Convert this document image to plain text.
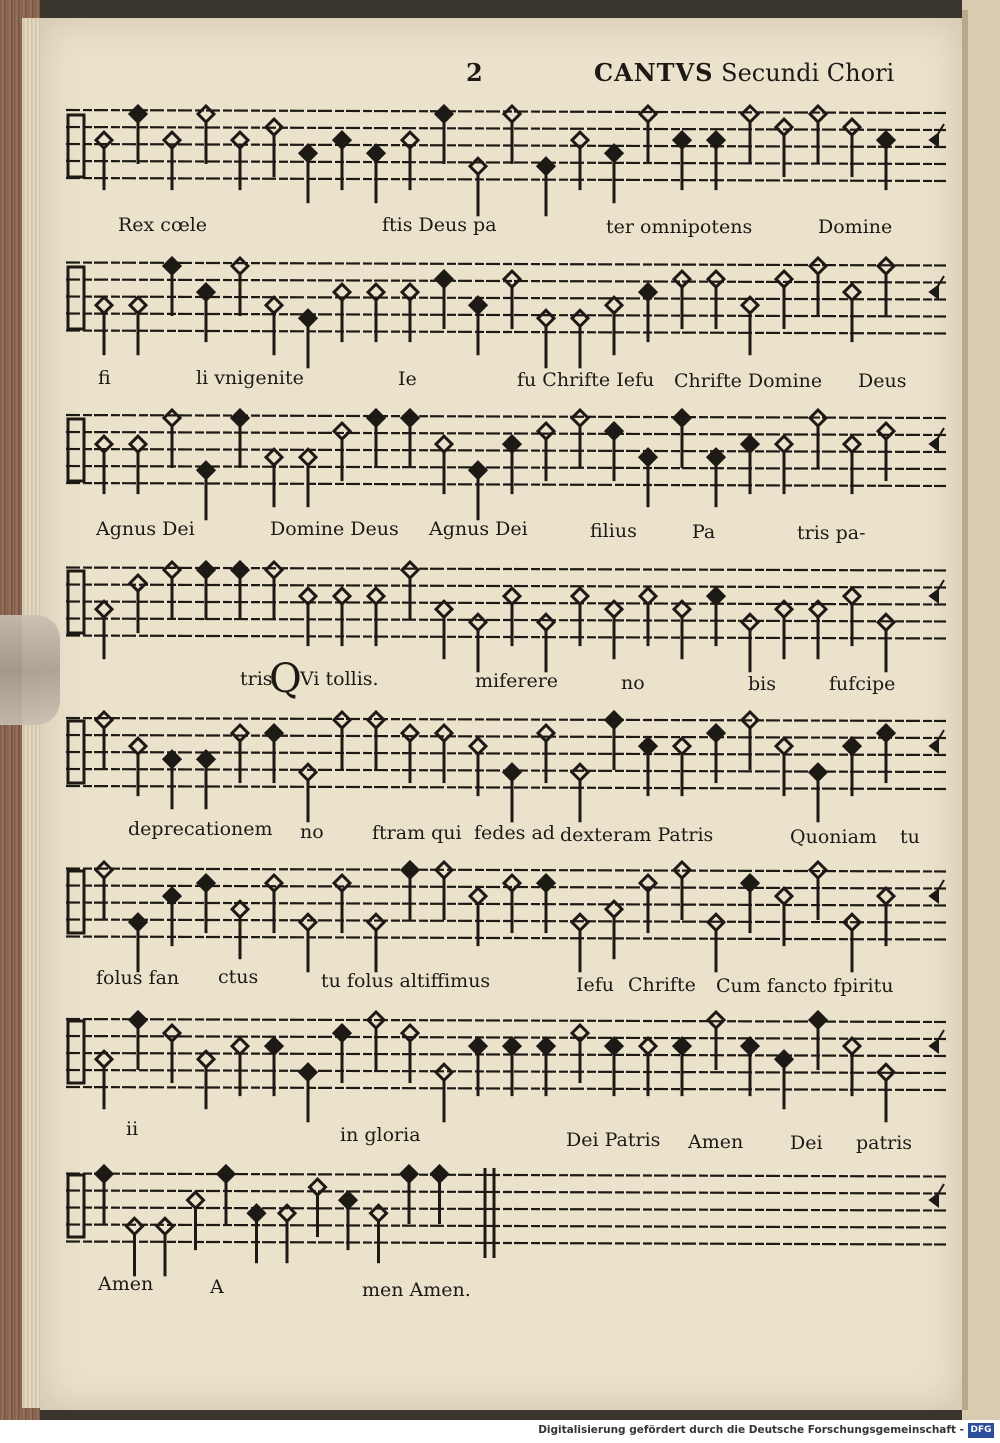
2	CANTVS Secundi Chori
Rex cœle	ftis Deus pa	ter omnipotens	Domine
fi	li vnigenite	Ie	fu Chrifte Iefu Chrifte Domine Deus
Agnus Dei	Domine Deus Agnus Dei	filius	Pa	tris pa-
tris.
Q
Vi tollis.	miferere	no	bis	fufcipe
deprecationem no	ftram qui fedes ad dexteram Patris	Quoniam tu
folus fan ctus	tu folus altiffimus	Iefu Chrifte Cum fancto fpiritu
ii	in gloria	Dei Patris Amen Dei patris
Amen	A	men Amen.
Digitalisierung gefördert durch die Deutsche Forschungsgemeinschaft - DFG
